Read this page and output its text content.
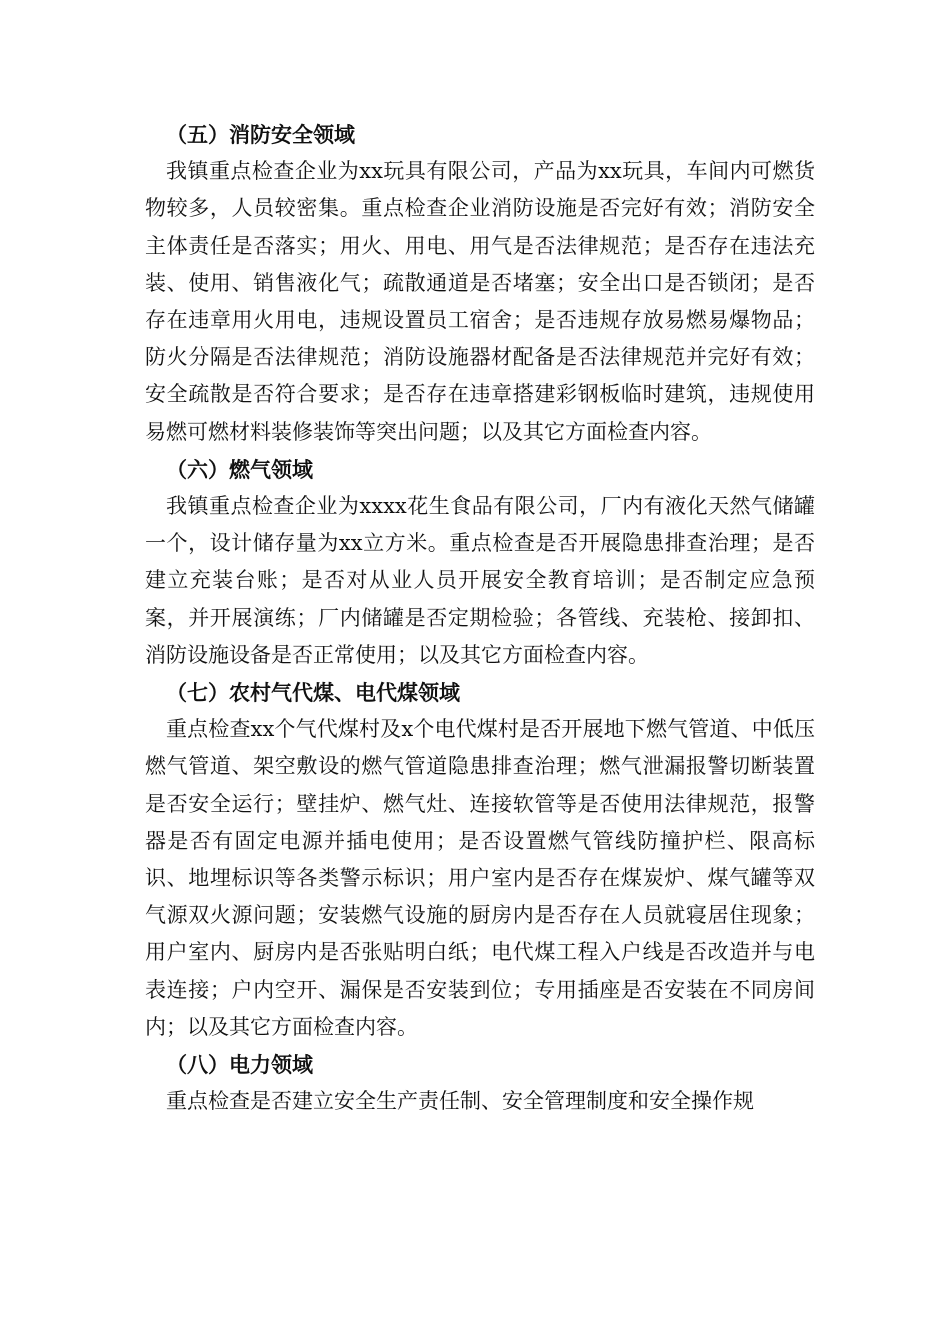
（五）消防安全领域

我镇重点检查企业为xx玩具有限公司，产品为xx玩具，车间内可燃货物较多，人员较密集。重点检查企业消防设施是否完好有效；消防安全主体责任是否落实；用火、用电、用气是否法律规范；是否存在违法充装、使用、销售液化气；疏散通道是否堵塞；安全出口是否锁闭；是否存在违章用火用电，违规设置员工宿舍；是否违规存放易燃易爆物品；防火分隔是否法律规范；消防设施器材配备是否法律规范并完好有效；安全疏散是否符合要求；是否存在违章搭建彩钢板临时建筑，违规使用易燃可燃材料装修装饰等突出问题；以及其它方面检查内容。

（六）燃气领域

我镇重点检查企业为xxxx花生食品有限公司，厂内有液化天然气储罐一个，设计储存量为xx立方米。重点检查是否开展隐患排查治理；是否建立充装台账；是否对从业人员开展安全教育培训；是否制定应急预案，并开展演练；厂内储罐是否定期检验；各管线、充装枪、接卸扣、消防设施设备是否正常使用；以及其它方面检查内容。

（七）农村气代煤、电代煤领域

重点检查xx个气代煤村及x个电代煤村是否开展地下燃气管道、中低压燃气管道、架空敷设的燃气管道隐患排查治理；燃气泄漏报警切断装置是否安全运行；壁挂炉、燃气灶、连接软管等是否使用法律规范，报警器是否有固定电源并插电使用；是否设置燃气管线防撞护栏、限高标识、地埋标识等各类警示标识；用户室内是否存在煤炭炉、煤气罐等双气源双火源问题；安装燃气设施的厨房内是否存在人员就寝居住现象；用户室内、厨房内是否张贴明白纸；电代煤工程入户线是否改造并与电表连接；户内空开、漏保是否安装到位；专用插座是否安装在不同房间内；以及其它方面检查内容。

（八）电力领域

重点检查是否建立安全生产责任制、安全管理制度和安全操作规
